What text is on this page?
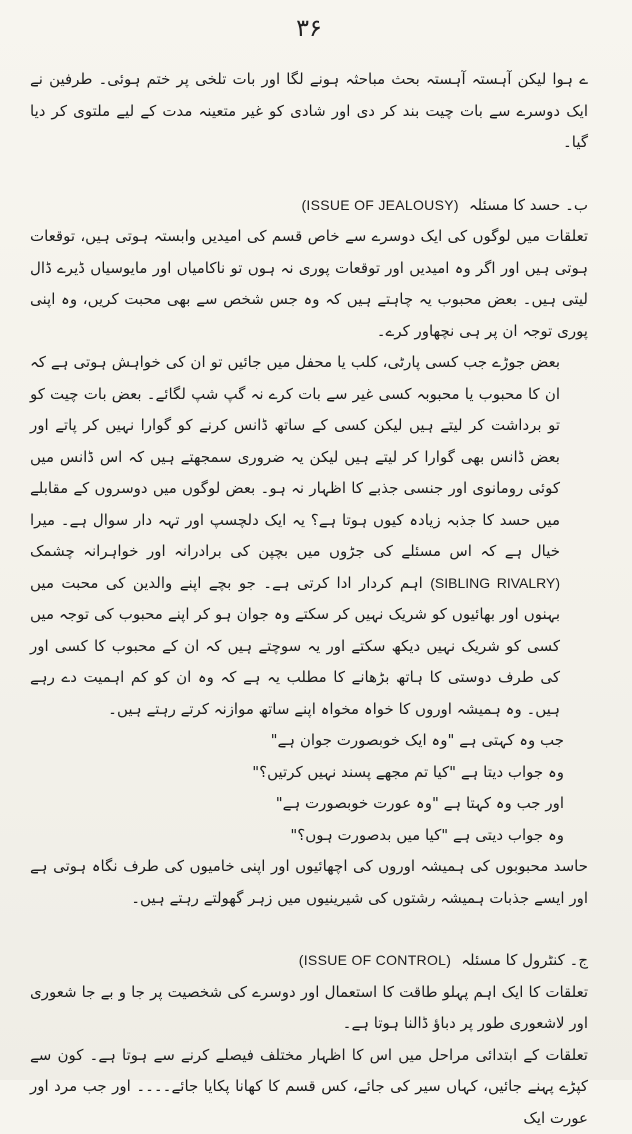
۳۶

ے ہوا لیکن آہستہ آہستہ بحث مباحثہ ہونے لگا اور بات تلخی پر ختم ہوئی۔ طرفین نے ایک دوسرے سے بات چیت بند کر دی اور شادی کو غیر متعینہ مدت کے لیے ملتوی کر دیا گیا۔

ب۔ حسد کا مسئلہ
(ISSUE OF JEALOUSY)

تعلقات میں لوگوں کی ایک دوسرے سے خاص قسم کی امیدیں وابستہ ہوتی ہیں، توقعات ہوتی ہیں اور اگر وہ امیدیں اور توقعات پوری نہ ہوں تو ناکامیاں اور مایوسیاں ڈیرے ڈال لیتی ہیں۔ بعض محبوب یہ چاہتے ہیں کہ وہ جس شخص سے بھی محبت کریں، وہ اپنی پوری توجہ ان پر ہی نچھاور کرے۔

بعض جوڑے جب کسی پارٹی، کلب یا محفل میں جائیں تو ان کی خواہش ہوتی ہے کہ ان کا محبوب یا محبوبہ کسی غیر سے بات کرے نہ گپ شپ لگائے۔ بعض بات چیت کو تو برداشت کر لیتے ہیں لیکن کسی کے ساتھ ڈانس کرنے کو گوارا نہیں کر پاتے اور بعض ڈانس بھی گوارا کر لیتے ہیں لیکن یہ ضروری سمجھتے ہیں کہ اس ڈانس میں کوئی رومانوی اور جنسی جذبے کا اظہار نہ ہو۔ بعض لوگوں میں دوسروں کے مقابلے میں حسد کا جذبہ زیادہ کیوں ہوتا ہے؟ یہ ایک دلچسپ اور تہہ دار سوال ہے۔ میرا خیال ہے کہ اس مسئلے کی جڑوں میں بچپن کی برادرانہ اور خواہرانہ چشمک (SIBLING RIVALRY) اہم کردار ادا کرتی ہے۔ جو بچے اپنے والدین کی محبت میں بہنوں اور بھائیوں کو شریک نہیں کر سکتے وہ جوان ہو کر اپنے محبوب کی توجہ میں کسی کو شریک نہیں دیکھ سکتے اور یہ سوچتے ہیں کہ ان کے محبوب کا کسی اور کی طرف دوستی کا ہاتھ بڑھانے کا مطلب یہ ہے کہ وہ ان کو کم اہمیت دے رہے ہیں۔ وہ ہمیشہ اوروں کا خواہ مخواہ اپنے ساتھ موازنہ کرتے رہتے ہیں۔

جب وہ کہتی ہے "وہ ایک خوبصورت جوان ہے"

وہ جواب دیتا ہے "کیا تم مجھے پسند نہیں کرتیں؟"

اور جب وہ کہتا ہے "وہ عورت خوبصورت ہے"

وہ جواب دیتی ہے "کیا میں بدصورت ہوں؟"

حاسد محبوبوں کی ہمیشہ اوروں کی اچھائیوں اور اپنی خامیوں کی طرف نگاہ ہوتی ہے اور ایسے جذبات ہمیشہ رشتوں کی شیرینیوں میں زہر گھولتے رہتے ہیں۔

ج۔ کنٹرول کا مسئلہ
(ISSUE OF CONTROL)

تعلقات کا ایک اہم پہلو طاقت کا استعمال اور دوسرے کی شخصیت پر جا و بے جا شعوری اور لاشعوری طور پر دباؤ ڈالنا ہوتا ہے۔

تعلقات کے ابتدائی مراحل میں اس کا اظہار مختلف فیصلے کرنے سے ہوتا ہے۔ کون سے کپڑے پہنے جائیں، کہاں سیر کی جائے، کس قسم کا کھانا پکایا جائے۔۔۔۔ اور جب مرد اور عورت ایک
